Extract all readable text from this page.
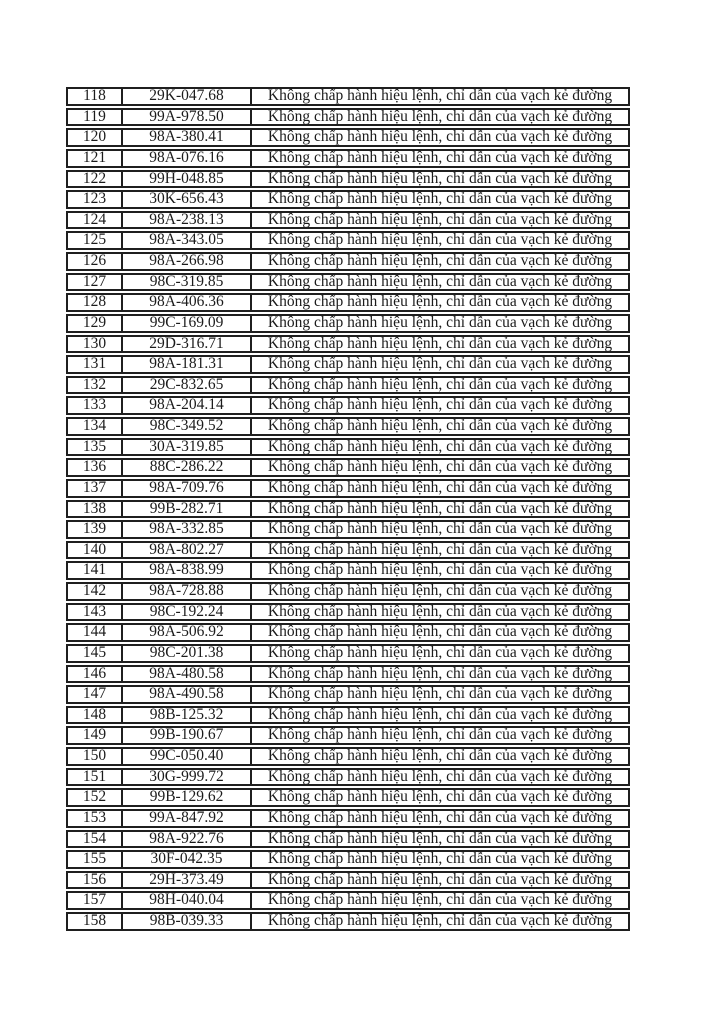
118	29K-047.68	Không chấp hành hiệu lệnh, chỉ dẫn của vạch kẻ đường
119	99A-978.50	Không chấp hành hiệu lệnh, chỉ dẫn của vạch kẻ đường
120	98A-380.41	Không chấp hành hiệu lệnh, chỉ dẫn của vạch kẻ đường
121	98A-076.16	Không chấp hành hiệu lệnh, chỉ dẫn của vạch kẻ đường
122	99H-048.85	Không chấp hành hiệu lệnh, chỉ dẫn của vạch kẻ đường
123	30K-656.43	Không chấp hành hiệu lệnh, chỉ dẫn của vạch kẻ đường
124	98A-238.13	Không chấp hành hiệu lệnh, chỉ dẫn của vạch kẻ đường
125	98A-343.05	Không chấp hành hiệu lệnh, chỉ dẫn của vạch kẻ đường
126	98A-266.98	Không chấp hành hiệu lệnh, chỉ dẫn của vạch kẻ đường
127	98C-319.85	Không chấp hành hiệu lệnh, chỉ dẫn của vạch kẻ đường
128	98A-406.36	Không chấp hành hiệu lệnh, chỉ dẫn của vạch kẻ đường
129	99C-169.09	Không chấp hành hiệu lệnh, chỉ dẫn của vạch kẻ đường
130	29D-316.71	Không chấp hành hiệu lệnh, chỉ dẫn của vạch kẻ đường
131	98A-181.31	Không chấp hành hiệu lệnh, chỉ dẫn của vạch kẻ đường
132	29C-832.65	Không chấp hành hiệu lệnh, chỉ dẫn của vạch kẻ đường
133	98A-204.14	Không chấp hành hiệu lệnh, chỉ dẫn của vạch kẻ đường
134	98C-349.52	Không chấp hành hiệu lệnh, chỉ dẫn của vạch kẻ đường
135	30A-319.85	Không chấp hành hiệu lệnh, chỉ dẫn của vạch kẻ đường
136	88C-286.22	Không chấp hành hiệu lệnh, chỉ dẫn của vạch kẻ đường
137	98A-709.76	Không chấp hành hiệu lệnh, chỉ dẫn của vạch kẻ đường
138	99B-282.71	Không chấp hành hiệu lệnh, chỉ dẫn của vạch kẻ đường
139	98A-332.85	Không chấp hành hiệu lệnh, chỉ dẫn của vạch kẻ đường
140	98A-802.27	Không chấp hành hiệu lệnh, chỉ dẫn của vạch kẻ đường
141	98A-838.99	Không chấp hành hiệu lệnh, chỉ dẫn của vạch kẻ đường
142	98A-728.88	Không chấp hành hiệu lệnh, chỉ dẫn của vạch kẻ đường
143	98C-192.24	Không chấp hành hiệu lệnh, chỉ dẫn của vạch kẻ đường
144	98A-506.92	Không chấp hành hiệu lệnh, chỉ dẫn của vạch kẻ đường
145	98C-201.38	Không chấp hành hiệu lệnh, chỉ dẫn của vạch kẻ đường
146	98A-480.58	Không chấp hành hiệu lệnh, chỉ dẫn của vạch kẻ đường
147	98A-490.58	Không chấp hành hiệu lệnh, chỉ dẫn của vạch kẻ đường
148	98B-125.32	Không chấp hành hiệu lệnh, chỉ dẫn của vạch kẻ đường
149	99B-190.67	Không chấp hành hiệu lệnh, chỉ dẫn của vạch kẻ đường
150	99C-050.40	Không chấp hành hiệu lệnh, chỉ dẫn của vạch kẻ đường
151	30G-999.72	Không chấp hành hiệu lệnh, chỉ dẫn của vạch kẻ đường
152	99B-129.62	Không chấp hành hiệu lệnh, chỉ dẫn của vạch kẻ đường
153	99A-847.92	Không chấp hành hiệu lệnh, chỉ dẫn của vạch kẻ đường
154	98A-922.76	Không chấp hành hiệu lệnh, chỉ dẫn của vạch kẻ đường
155	30F-042.35	Không chấp hành hiệu lệnh, chỉ dẫn của vạch kẻ đường
156	29H-373.49	Không chấp hành hiệu lệnh, chỉ dẫn của vạch kẻ đường
157	98H-040.04	Không chấp hành hiệu lệnh, chỉ dẫn của vạch kẻ đường
158	98B-039.33	Không chấp hành hiệu lệnh, chỉ dẫn của vạch kẻ đường
